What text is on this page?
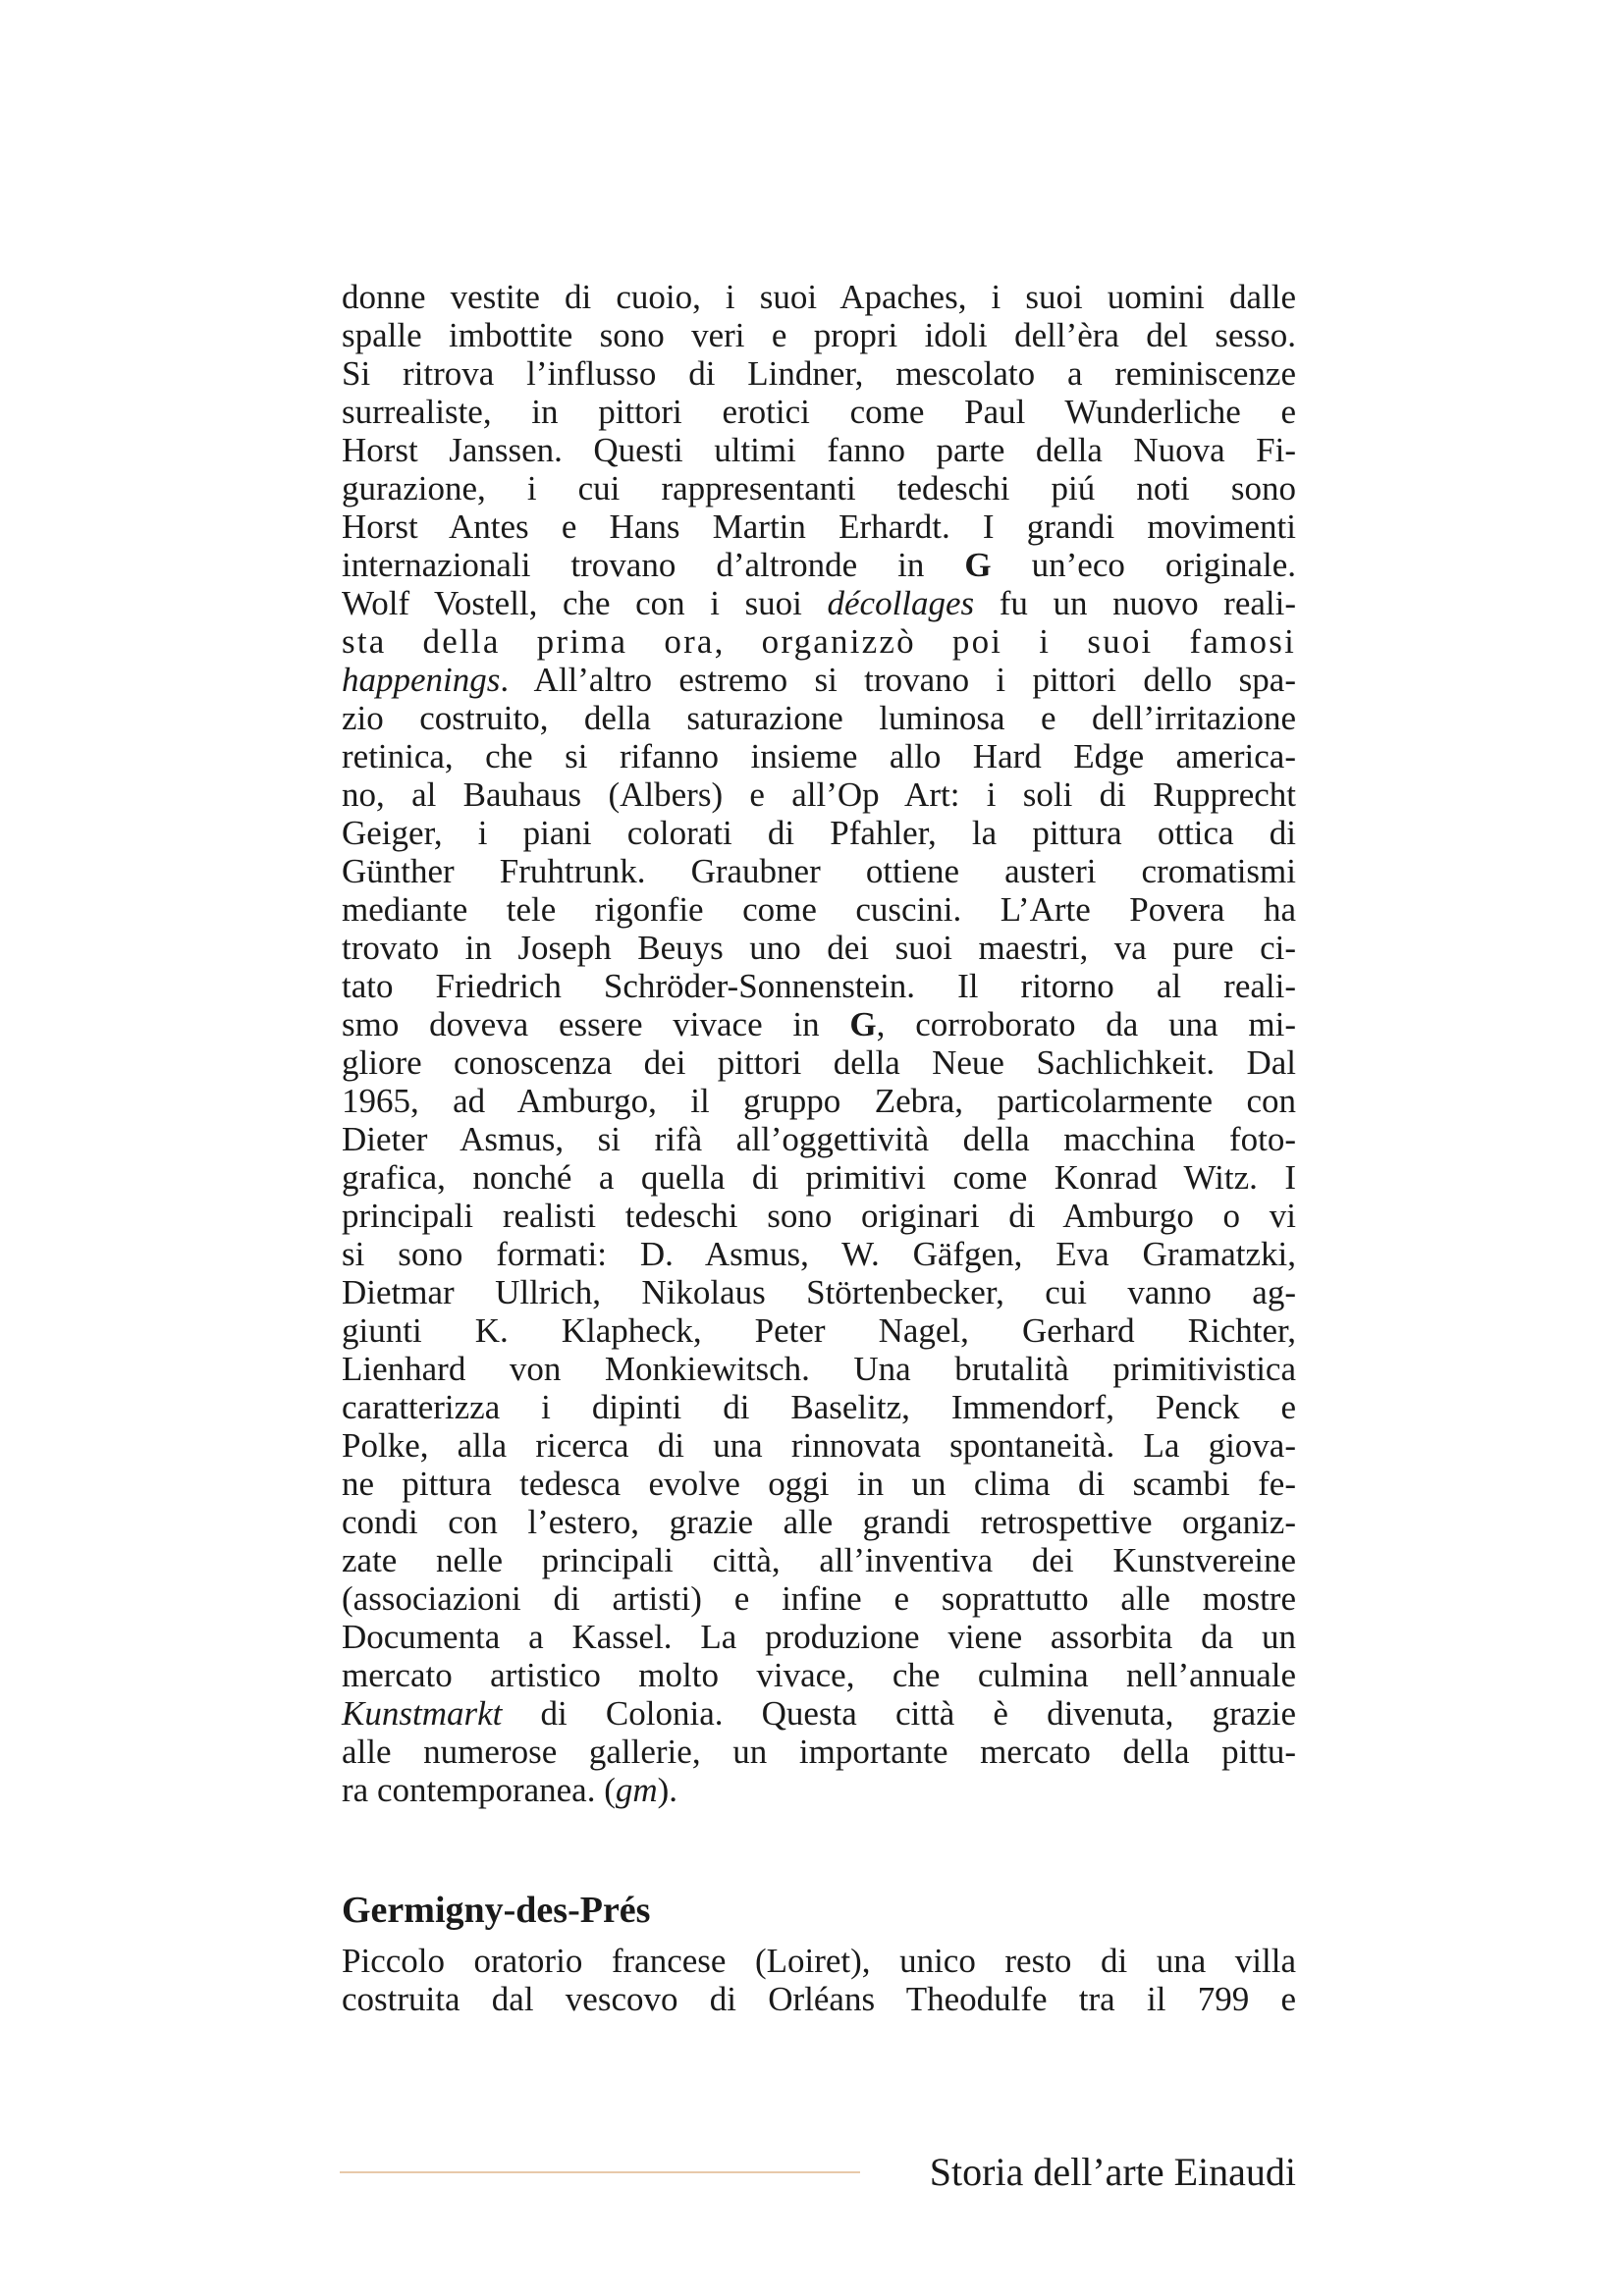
donne vestite di cuoio, i suoi Apaches, i suoi uomini dalle
spalle imbottite sono veri e propri idoli dell’èra del sesso.
Si ritrova l’influsso di Lindner, mescolato a reminiscenze
surrealiste, in pittori erotici come Paul Wunderliche e
Horst Janssen. Questi ultimi fanno parte della Nuova Fi-
gurazione, i cui rappresentanti tedeschi piú noti sono
Horst Antes e Hans Martin Erhardt. I grandi movimenti
internazionali trovano d’altronde in G un’eco originale.
Wolf Vostell, che con i suoi décollages fu un nuovo reali-
sta della prima ora, organizzò poi i suoi famosi
happenings. All’altro estremo si trovano i pittori dello spa-
zio costruito, della saturazione luminosa e dell’irritazione
retinica, che si rifanno insieme allo Hard Edge america-
no, al Bauhaus (Albers) e all’Op Art: i soli di Rupprecht
Geiger, i piani colorati di Pfahler, la pittura ottica di
Günther Fruhtrunk. Graubner ottiene austeri cromatismi
mediante tele rigonfie come cuscini. L’Arte Povera ha
trovato in Joseph Beuys uno dei suoi maestri, va pure ci-
tato Friedrich Schröder-Sonnenstein. Il ritorno al reali-
smo doveva essere vivace in G, corroborato da una mi-
gliore conoscenza dei pittori della Neue Sachlichkeit. Dal
1965, ad Amburgo, il gruppo Zebra, particolarmente con
Dieter Asmus, si rifà all’oggettività della macchina foto-
grafica, nonché a quella di primitivi come Konrad Witz. I
principali realisti tedeschi sono originari di Amburgo o vi
si sono formati: D. Asmus, W. Gäfgen, Eva Gramatzki,
Dietmar Ullrich, Nikolaus Störtenbecker, cui vanno ag-
giunti K. Klapheck, Peter Nagel, Gerhard Richter,
Lienhard von Monkiewitsch. Una brutalità primitivistica
caratterizza i dipinti di Baselitz, Immendorf, Penck e
Polke, alla ricerca di una rinnovata spontaneità. La giova-
ne pittura tedesca evolve oggi in un clima di scambi fe-
condi con l’estero, grazie alle grandi retrospettive organiz-
zate nelle principali città, all’inventiva dei Kunstvereine
(associazioni di artisti) e infine e soprattutto alle mostre
Documenta a Kassel. La produzione viene assorbita da un
mercato artistico molto vivace, che culmina nell’annuale
Kunstmarkt di Colonia. Questa città è divenuta, grazie
alle numerose gallerie, un importante mercato della pittu-
ra contemporanea. (gm).
Germigny-des-Prés
Piccolo oratorio francese (Loiret), unico resto di una villa
costruita dal vescovo di Orléans Theodulfe tra il 799 e
Storia dell’arte Einaudi
